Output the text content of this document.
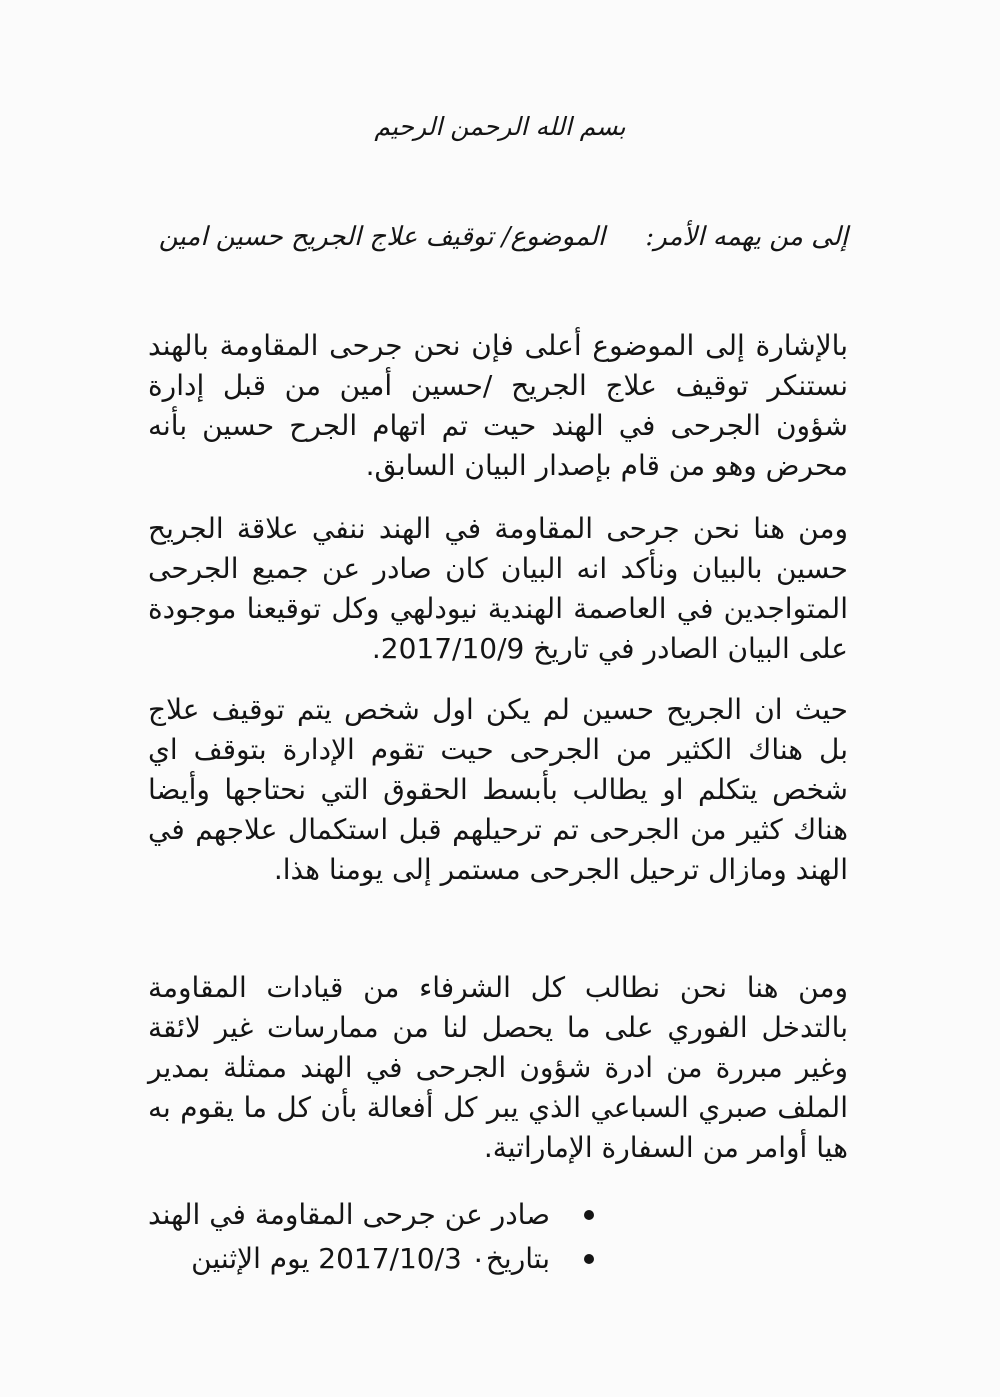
بسم الله الرحمن الرحيم
إلى من يهمه الأمر: الموضوع/ توقيف علاج الجريح حسين امين
بالإشارة إلى الموضوع أعلى فإن نحن جرحى المقاومة بالهند نستنكر توقيف علاج الجريح /حسين أمين من قبل إدارة شؤون الجرحى في الهند حيت تم اتهام الجرح حسين بأنه محرض وهو من قام بإصدار البيان السابق.
ومن هنا نحن جرحى المقاومة في الهند ننفي علاقة الجريح حسين بالبيان ونأكد انه البيان كان صادر عن جميع الجرحى المتواجدين في العاصمة الهندية نيودلهي وكل توقيعنا موجودة على البيان الصادر في تاريخ 2017/10/9.
حيث ان الجريح حسين لم يكن اول شخص يتم توقيف علاج بل هناك الكثير من الجرحى حيت تقوم الإدارة بتوقف اي شخص يتكلم او يطالب بأبسط الحقوق التي نحتاجها وأيضا هناك كثير من الجرحى تم ترحيلهم قبل استكمال علاجهم في الهند ومازال ترحيل الجرحى مستمر إلى يومنا هذا.
ومن هنا نحن نطالب كل الشرفاء من قيادات المقاومة بالتدخل الفوري على ما يحصل لنا من ممارسات غير لائقة وغير مبررة من ادرة شؤون الجرحى في الهند ممثلة بمدير الملف صبري السباعي الذي يبر كل أفعالة بأن كل ما يقوم به هيا أوامر من السفارة الإماراتية.
صادر عن جرحى المقاومة في الهند
بتاريخ٠ 2017/10/3 يوم الإثنين
